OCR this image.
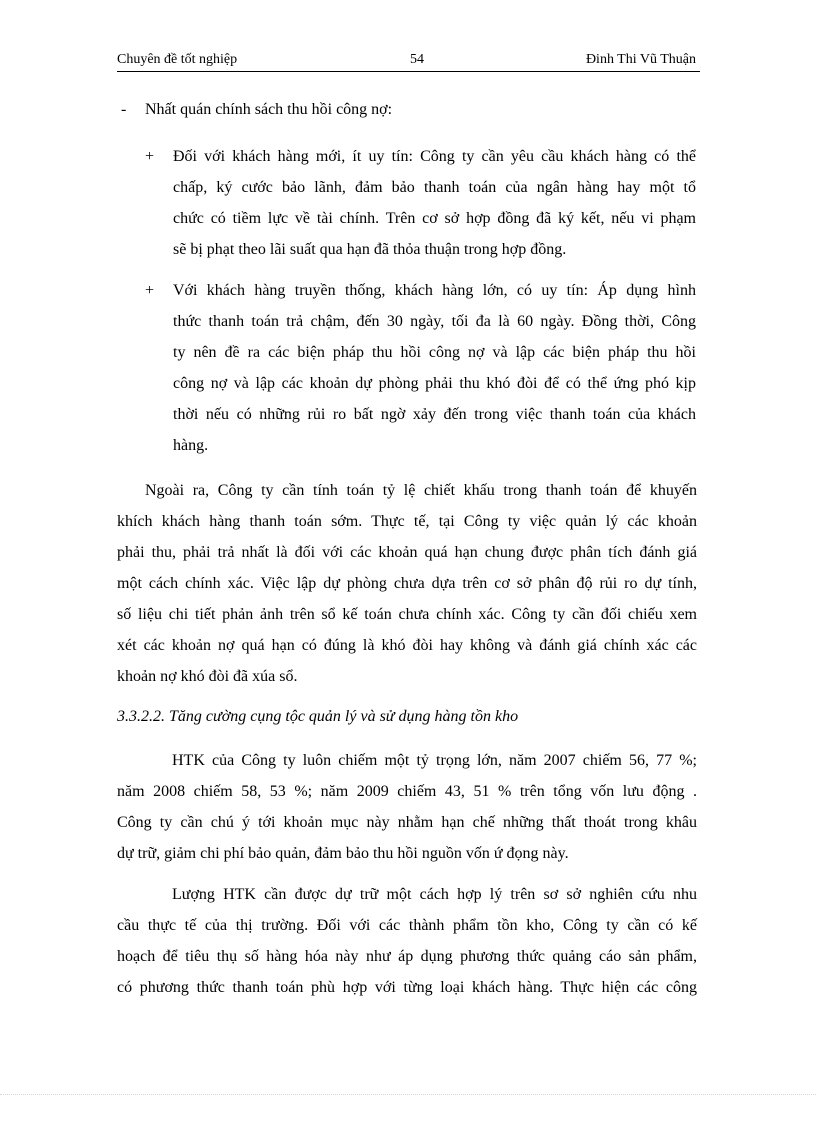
Chuyên đề tốt nghiệp	54	Đinh Thi Vũ Thuận
- Nhất quán chính sách thu hồi công nợ:
+ Đối với khách hàng mới, ít uy tín: Công ty cần yêu cầu khách hàng có thể
chấp, ký cước bảo lãnh, đảm bảo thanh toán của ngân hàng hay một tổ
chức có tiềm lực về tài chính. Trên cơ sở hợp đồng đã ký kết, nếu vi phạm
sẽ bị phạt theo lãi suất qua hạn đã thỏa thuận trong hợp đồng.
+ Với khách hàng truyền thống, khách hàng lớn, có uy tín: Áp dụng hình
thức thanh toán trả chậm, đến 30 ngày, tối đa là 60 ngày. Đồng thời, Công
ty nên đề ra các biện pháp thu hồi công nợ và lập các biện pháp thu hồi
công nợ và lập các khoản dự phòng phải thu khó đòi để có thể ứng phó kịp
thời nếu có những rủi ro bất ngờ xảy đến trong việc thanh toán của khách
hàng.
Ngoài ra, Công ty cần tính toán tỷ lệ chiết khấu trong thanh toán để khuyến
khích khách hàng thanh toán sớm. Thực tế, tại Công ty việc quản lý các khoản
phải thu, phải trả nhất là đối với các khoản quá hạn chung được phân tích đánh giá
một cách chính xác. Việc lập dự phòng chưa dựa trên cơ sở phân độ rủi ro dự tính,
số liệu chi tiết phản ảnh trên sổ kế toán chưa chính xác. Công ty cần đối chiếu xem
xét các khoản nợ quá hạn có đúng là khó đòi hay không và đánh giá chính xác các
khoản nợ khó đòi đã xúa sổ.
3.3.2.2. Tăng cường cụng tộc quản lý và sử dụng hàng tồn kho
HTK của Công ty luôn chiếm một tỷ trọng lớn, năm 2007 chiếm 56, 77 %;
năm 2008 chiếm 58, 53 %; năm 2009 chiếm 43, 51 % trên tổng vốn lưu động .
Công ty cần chú ý tới khoản mục này nhằm hạn chế những thất thoát trong khâu
dự trữ, giảm chi phí bảo quản, đảm bảo thu hồi nguồn vốn ứ đọng này.
Lượng HTK cần được dự trữ một cách hợp lý trên sơ sở nghiên cứu nhu
cầu thực tế của thị trường. Đối với các thành phẩm tồn kho, Công ty cần có kế
hoạch để tiêu thụ số hàng hóa này như áp dụng phương thức quảng cáo sản phẩm,
có phương thức thanh toán phù hợp với từng loại khách hàng. Thực hiện các công
